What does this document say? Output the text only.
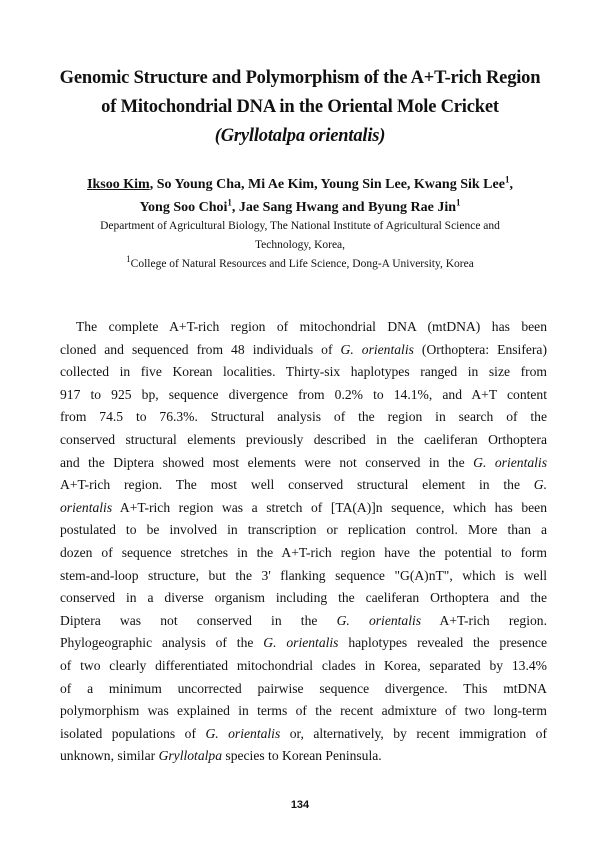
Genomic Structure and Polymorphism of the A+T-rich Region
of Mitochondrial DNA in the Oriental Mole Cricket
(Gryllotalpa orientalis)
Iksoo Kim, So Young Cha, Mi Ae Kim, Young Sin Lee, Kwang Sik Lee$^1$,
Yong Soo Choi$^1$, Jae Sang Hwang and Byung Rae Jin$^1$
Department of Agricultural Biology, The National Institute of Agricultural Science and
Technology, Korea,
$^1$College of Natural Resources and Life Science, Dong-A University, Korea
The complete A+T-rich region of mitochondrial DNA (mtDNA) has been
cloned and sequenced from 48 individuals of G. orientalis (Orthoptera: Ensifera)
collected in five Korean localities. Thirty-six haplotypes ranged in size from
917 to 925 bp, sequence divergence from 0.2% to 14.1%, and A+T content
from 74.5 to 76.3%. Structural analysis of the region in search of the
conserved structural elements previously described in the caeliferan Orthoptera
and the Diptera showed most elements were not conserved in the G. orientalis
A+T-rich region. The most well conserved structural element in the G.
orientalis A+T-rich region was a stretch of [TA(A)]n sequence, which has been
postulated to be involved in transcription or replication control. More than a
dozen of sequence stretches in the A+T-rich region have the potential to form
stem-and-loop structure, but the 3' flanking sequence "G(A)nT", which is well
conserved in a diverse organism including the caeliferan Orthoptera and the
Diptera was not conserved in the G. orientalis A+T-rich region.
Phylogeographic analysis of the G. orientalis haplotypes revealed the presence
of two clearly differentiated mitochondrial clades in Korea, separated by 13.4%
of a minimum uncorrected pairwise sequence divergence. This mtDNA
polymorphism was explained in terms of the recent admixture of two long-term
isolated populations of G. orientalis or, alternatively, by recent immigration of
unknown, similar Gryllotalpa species to Korean Peninsula.
134
